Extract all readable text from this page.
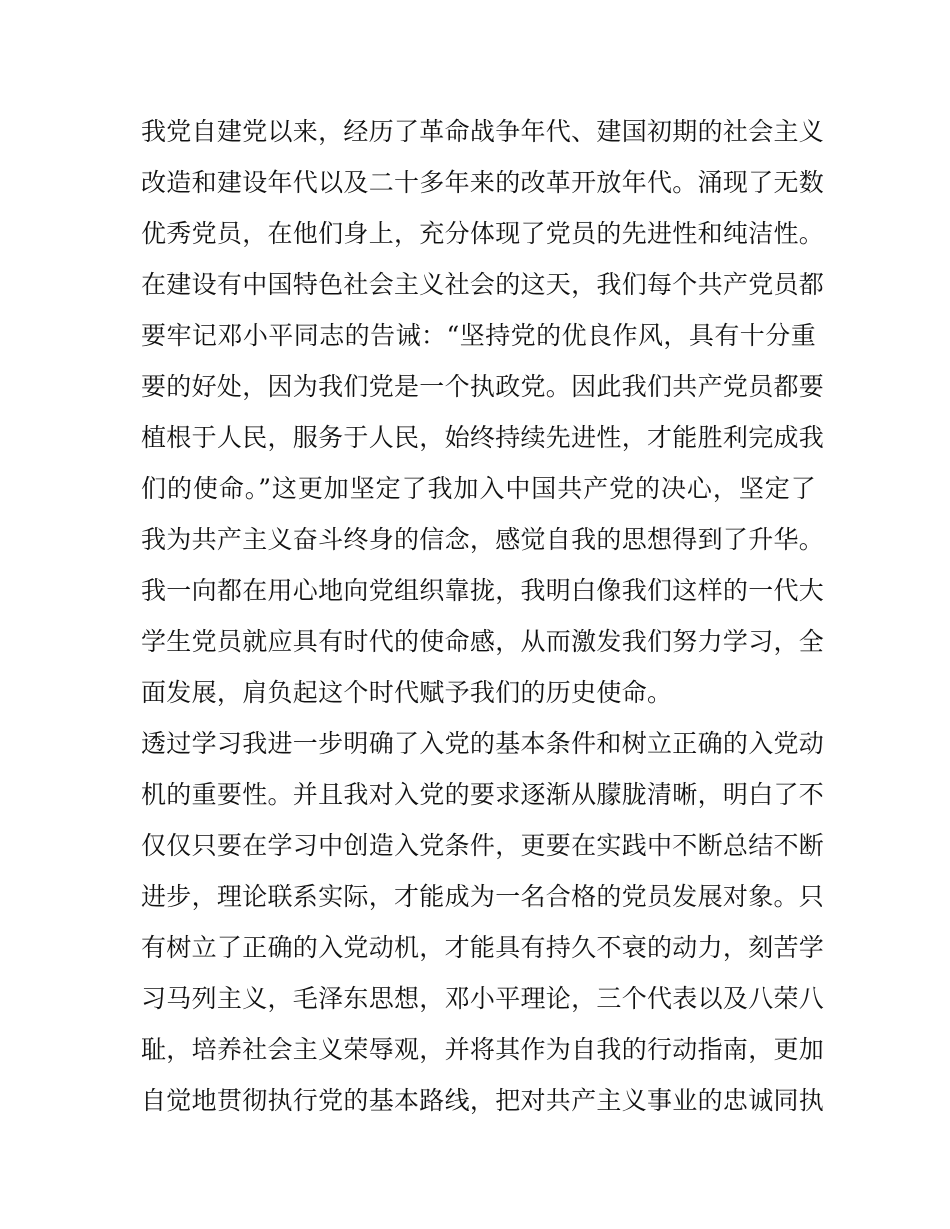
我党自建党以来，经历了革命战争年代、建国初期的社会主义
改造和建设年代以及二十多年来的改革开放年代。涌现了无数
优秀党员，在他们身上，充分体现了党员的先进性和纯洁性。
在建设有中国特色社会主义社会的这天，我们每个共产党员都
要牢记邓小平同志的告诫：“坚持党的优良作风，具有十分重
要的好处，因为我们党是一个执政党。因此我们共产党员都要
植根于人民，服务于人民，始终持续先进性，才能胜利完成我
们的使命。”这更加坚定了我加入中国共产党的决心，坚定了
我为共产主义奋斗终身的信念，感觉自我的思想得到了升华。
我一向都在用心地向党组织靠拢，我明白像我们这样的一代大
学生党员就应具有时代的使命感，从而激发我们努力学习，全
面发展，肩负起这个时代赋予我们的历史使命。
透过学习我进一步明确了入党的基本条件和树立正确的入党动
机的重要性。并且我对入党的要求逐渐从朦胧清晰，明白了不
仅仅只要在学习中创造入党条件，更要在实践中不断总结不断
进步，理论联系实际，才能成为一名合格的党员发展对象。只
有树立了正确的入党动机，才能具有持久不衰的动力，刻苦学
习马列主义，毛泽东思想，邓小平理论，三个代表以及八荣八
耻，培养社会主义荣辱观，并将其作为自我的行动指南，更加
自觉地贯彻执行党的基本路线，把对共产主义事业的忠诚同执
